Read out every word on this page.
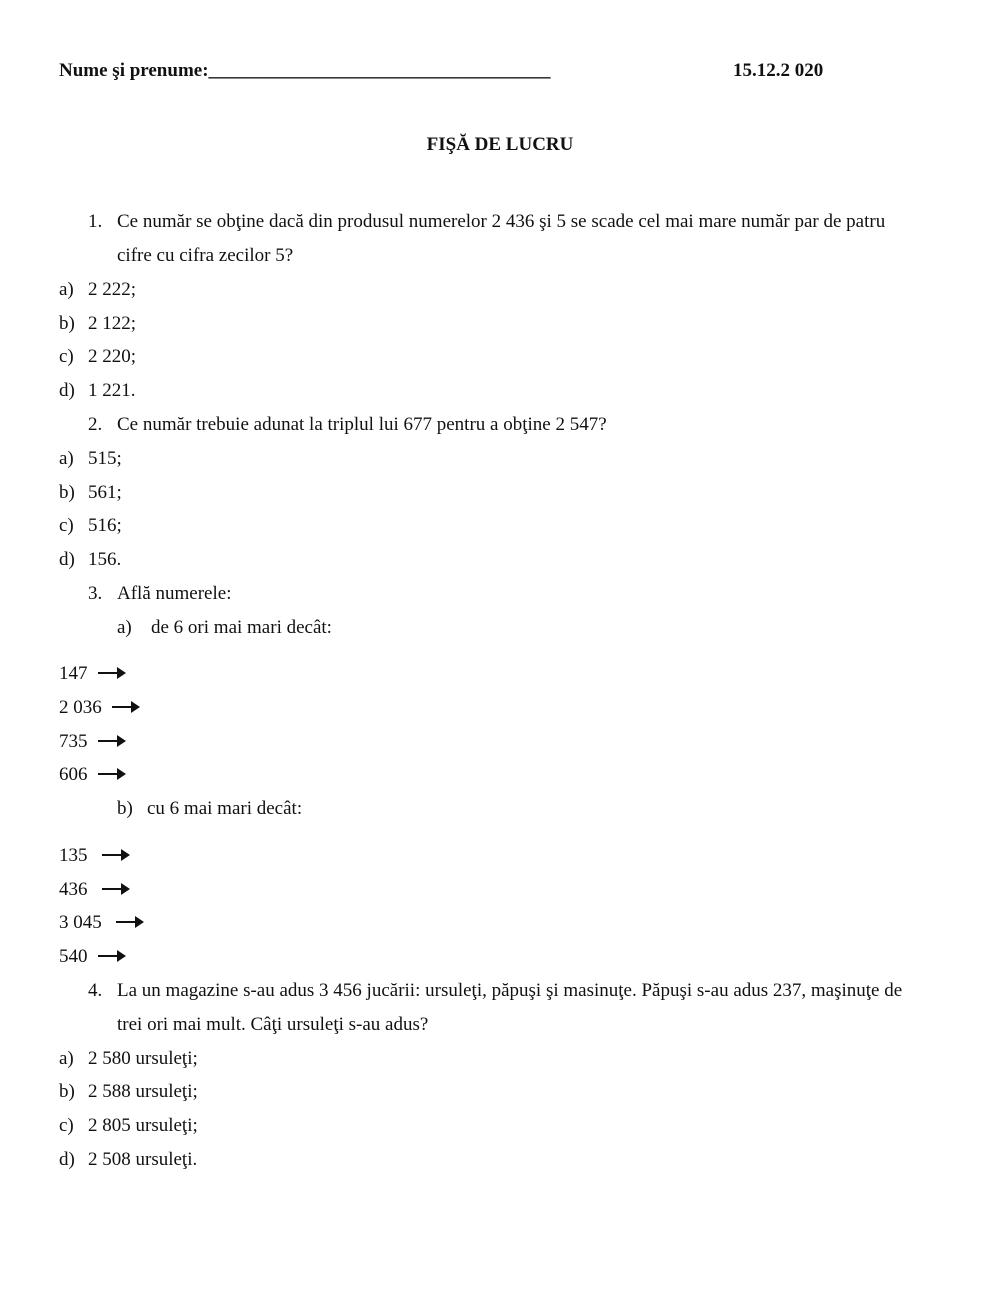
Nume şi prenume:____________________________________	15.12.2 020
FIŞĂ DE LUCRU
1. Ce număr se obţine dacă din produsul numerelor 2 436 şi 5 se scade cel mai mare număr par de patru
cifre cu cifra zecilor 5?
a) 2 222;
b) 2 122;
c) 2 220;
d) 1 221.
2. Ce număr trebuie adunat la triplul lui 677 pentru a obţine 2 547?
a) 515;
b) 561;
c) 516;
d) 156.
3. Află numerele:
a) de 6 ori mai mari decât:
147
2 036
735
606
b) cu 6 mai mari decât:
135
436
3 045
540
4. La un magazine s-au adus 3 456 jucării: ursuleţi, păpuşi şi masinuţe. Păpuşi s-au adus 237, maşinuţe de
trei ori mai mult. Câţi ursuleţi s-au adus?
a) 2 580 ursuleţi;
b) 2 588 ursuleţi;
c) 2 805 ursuleţi;
d) 2 508 ursuleţi.
